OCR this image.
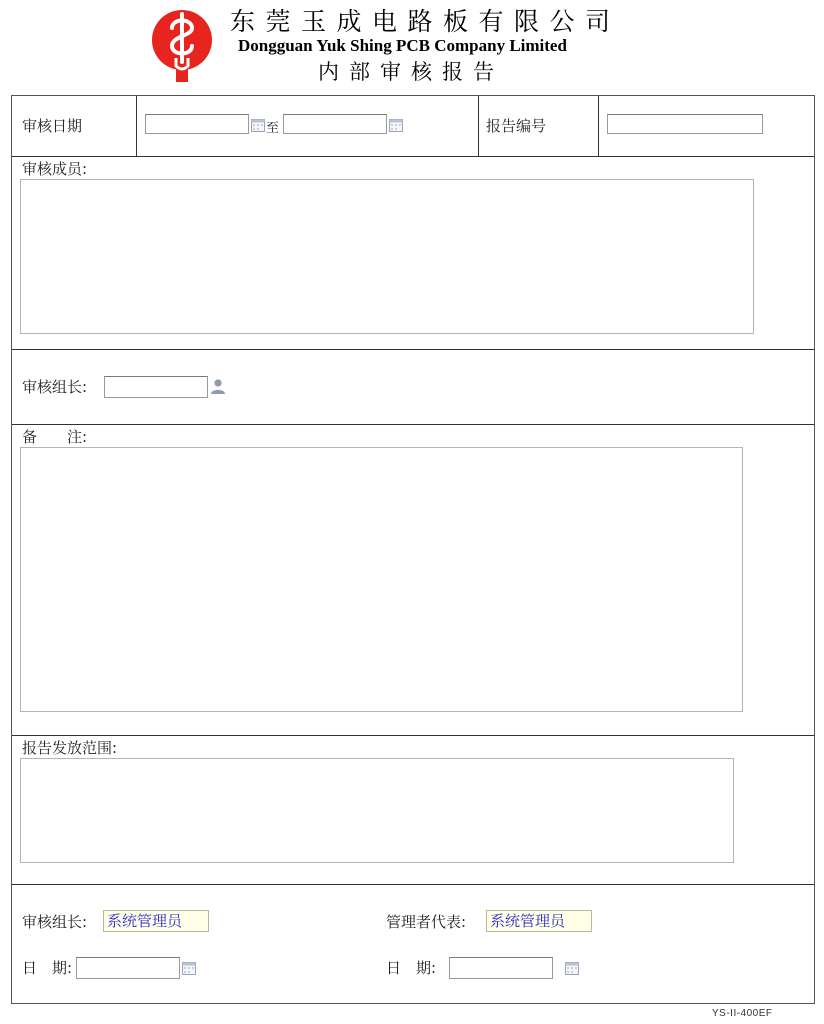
东莞玉成电路板有限公司
Dongguan Yuk Shing PCB Company Limited
内部审核报告
审核日期	至	报告编号
审核成员:
审核组长:
备　　注:
报告发放范围:
审核组长: 系统管理员	管理者代表: 系统管理员
日　期:	日　期:
YS-II-400EF
